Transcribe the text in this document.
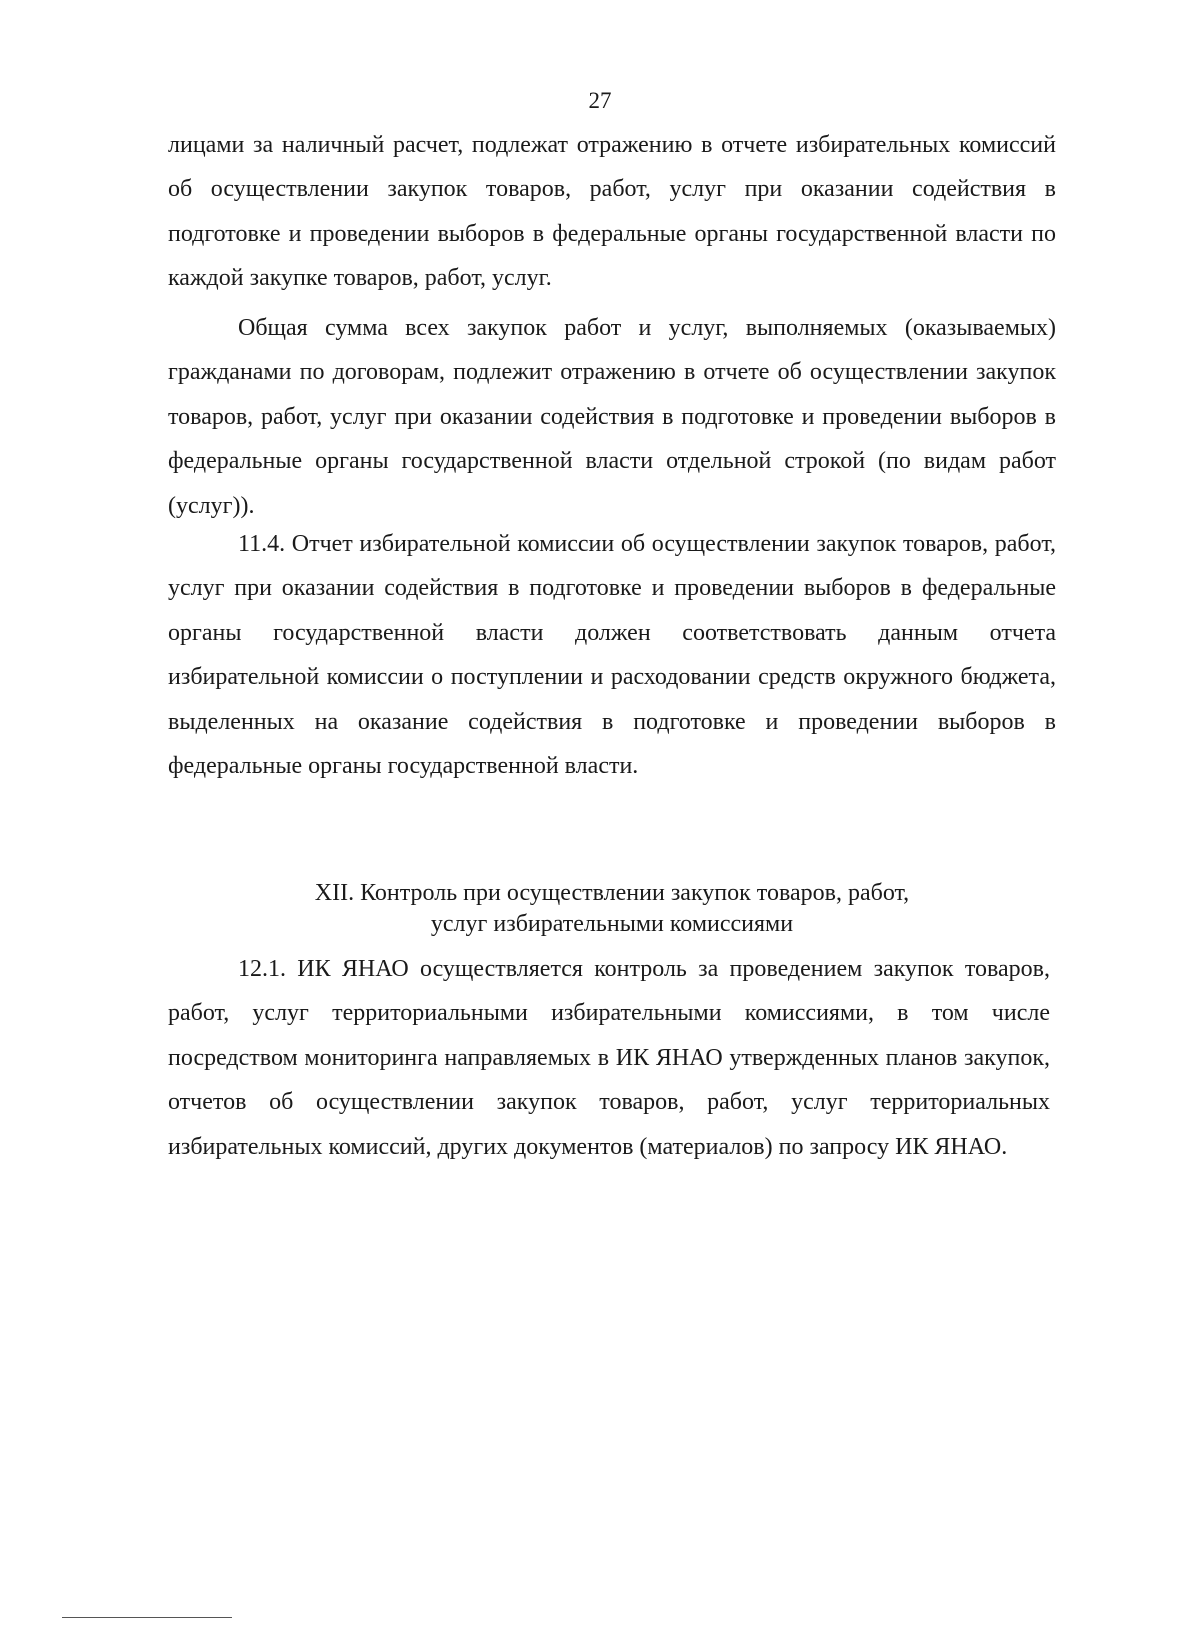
27

лицами за наличный расчет, подлежат отражению в отчете избирательных комиссий об осуществлении закупок товаров, работ, услуг при оказании содействия в подготовке и проведении выборов в федеральные органы государственной власти по каждой закупке товаров, работ, услуг.

Общая сумма всех закупок работ и услуг, выполняемых (оказываемых) гражданами по договорам, подлежит отражению в отчете об осуществлении закупок товаров, работ, услуг при оказании содействия в подготовке и проведении выборов в федеральные органы государственной власти отдельной строкой (по видам работ (услуг)).

11.4. Отчет избирательной комиссии об осуществлении закупок товаров, работ, услуг при оказании содействия в подготовке и проведении выборов в федеральные органы государственной власти должен соответствовать данным отчета избирательной комиссии о поступлении и расходовании средств окружного бюджета, выделенных на оказание содействия в подготовке и проведении выборов в федеральные органы государственной власти.

XII. Контроль при осуществлении закупок товаров, работ,
услуг избирательными комиссиями

12.1. ИК ЯНАО осуществляется контроль за проведением закупок товаров, работ, услуг территориальными избирательными комиссиями, в том числе посредством мониторинга направляемых в ИК ЯНАО утвержденных планов закупок, отчетов об осуществлении закупок товаров, работ, услуг территориальных избирательных комиссий, других документов (материалов) по запросу ИК ЯНАО.
